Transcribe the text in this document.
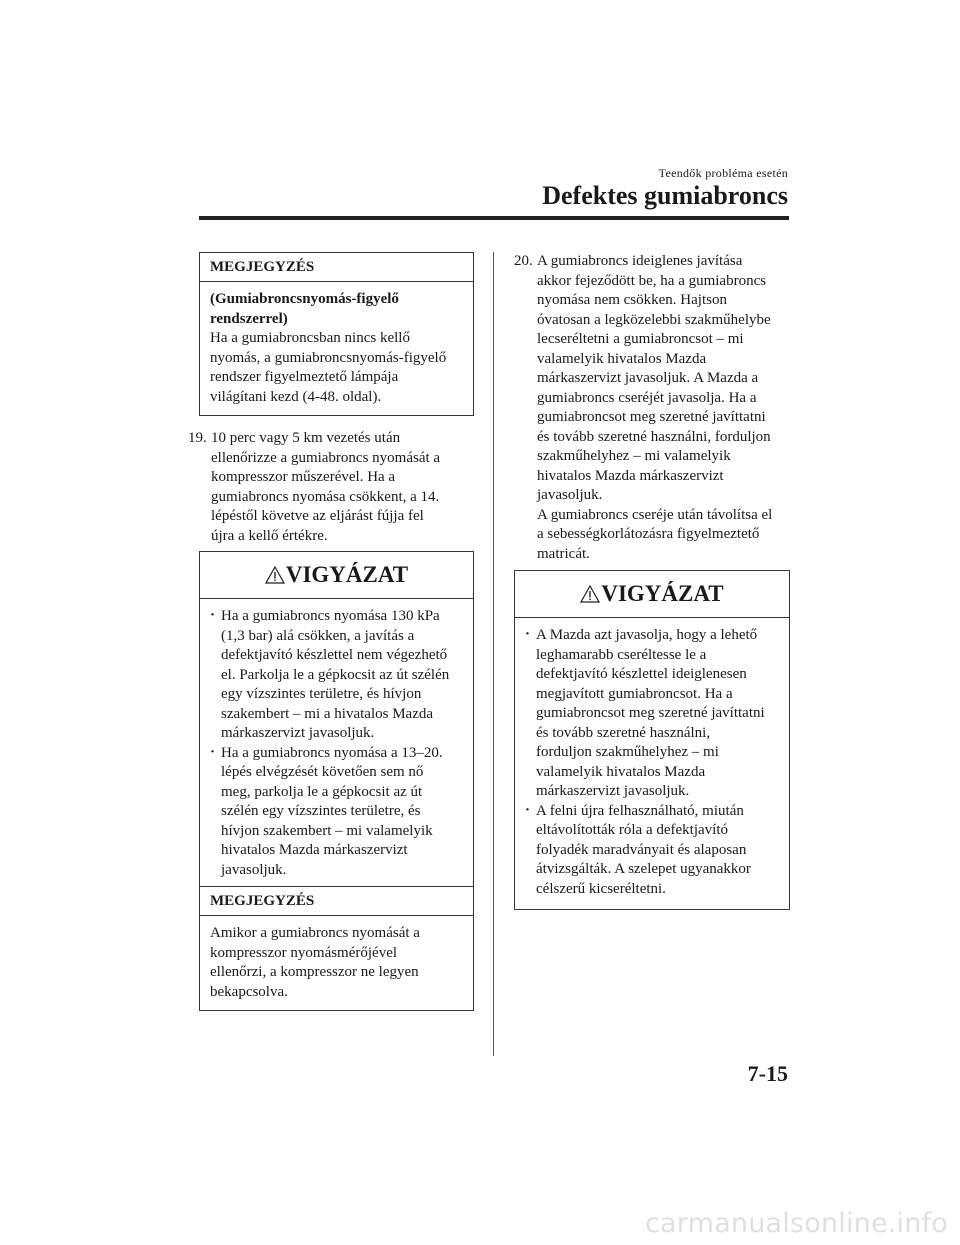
Teendők probléma esetén
Defektes gumiabroncs
MEGJEGYZÉS
(Gumiabroncsnyomás-figyelő
rendszerrel)
Ha a gumiabroncsban nincs kellő
nyomás, a gumiabroncsnyomás-figyelő
rendszer figyelmeztető lámpája
világítani kezd (4-48. oldal).
19. 10 perc vagy 5 km vezetés után
ellenőrizze a gumiabroncs nyomását a
kompresszor műszerével. Ha a
gumiabroncs nyomása csökkent, a 14.
lépéstől követve az eljárást fújja fel
újra a kellő értékre.
VIGYÁZAT
· Ha a gumiabroncs nyomása 130 kPa
(1,3 bar) alá csökken, a javítás a
defektjavító készlettel nem végezhető
el. Parkolja le a gépkocsit az út szélén
egy vízszintes területre, és hívjon
szakembert – mi a hivatalos Mazda
márkaszervizt javasoljuk.
· Ha a gumiabroncs nyomása a 13–20.
lépés elvégzését követően sem nő
meg, parkolja le a gépkocsit az út
szélén egy vízszintes területre, és
hívjon szakembert – mi valamelyik
hivatalos Mazda márkaszervizt
javasoljuk.
MEGJEGYZÉS
Amikor a gumiabroncs nyomását a
kompresszor nyomásmérőjével
ellenőrzi, a kompresszor ne legyen
bekapcsolva.
20. A gumiabroncs ideiglenes javítása
akkor fejeződött be, ha a gumiabroncs
nyomása nem csökken. Hajtson
óvatosan a legközelebbi szakműhelybe
lecseréltetni a gumiabroncsot – mi
valamelyik hivatalos Mazda
márkaszervizt javasoljuk. A Mazda a
gumiabroncs cseréjét javasolja. Ha a
gumiabroncsot meg szeretné javíttatni
és tovább szeretné használni, forduljon
szakműhelyhez – mi valamelyik
hivatalos Mazda márkaszervizt
javasoljuk.
A gumiabroncs cseréje után távolítsa el
a sebességkorlátozásra figyelmeztető
matricát.
VIGYÁZAT
· A Mazda azt javasolja, hogy a lehető
leghamarabb cseréltesse le a
defektjavító készlettel ideiglenesen
megjavított gumiabroncsot. Ha a
gumiabroncsot meg szeretné javíttatni
és tovább szeretné használni,
forduljon szakműhelyhez – mi
valamelyik hivatalos Mazda
márkaszervizt javasoljuk.
· A felni újra felhasználható, miután
eltávolították róla a defektjavító
folyadék maradványait és alaposan
átvizsgálták. A szelepet ugyanakkor
célszerű kicseréltetni.
7-15
carmanualsonline.info
